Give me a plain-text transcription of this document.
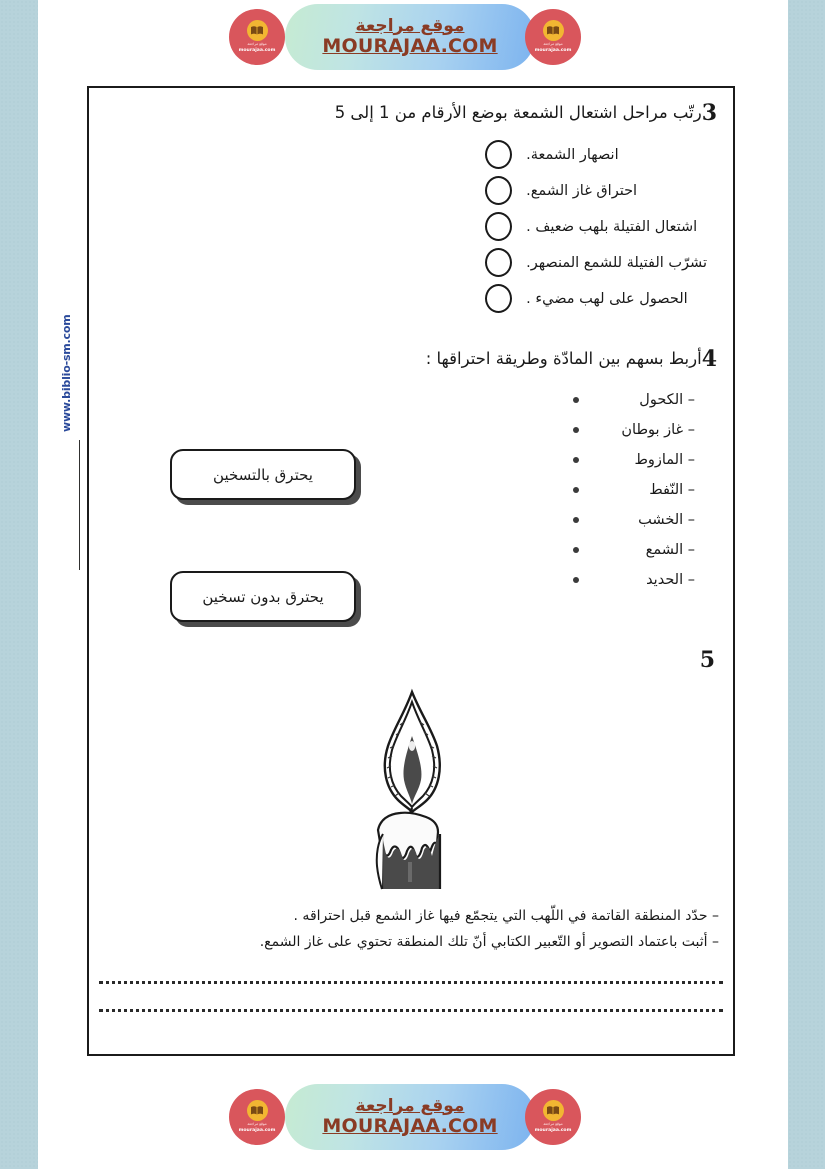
موقع مراجعة
mourajaa.com
موقع مراجعة
MOURAJAA.COM	موقع مراجعة
mourajaa.com
www.biblio-sm.com
3رتّب مراحل اشتعال الشمعة بوضع الأرقام من 1 إلى 5
انصهار الشمعة.
احتراق غاز الشمع.
اشتعال الفتيلة بلهب ضعيف .
تشرّب الفتيلة للشمع المنصهر.
الحصول على لهب مضيء .
4أربط بسهم بين المادّة وطريقة احتراقها :
– الكحول
– غاز بوطان
– المازوط
– النّفط
– الخشب
– الشمع
– الحديد
يحترق بالتسخين
يحترق بدون تسخين
5
– حدّد المنطقة القاتمة في اللّهب التي يتجمّع فيها غاز الشمع قبل احتراقه .
– أثبت باعتماد التصوير أو التّعبير الكتابي أنّ تلك المنطقة تحتوي على غاز الشمع.
موقع مراجعة
mourajaa.com
موقع مراجعة
MOURAJAA.COM	موقع مراجعة
mourajaa.com
